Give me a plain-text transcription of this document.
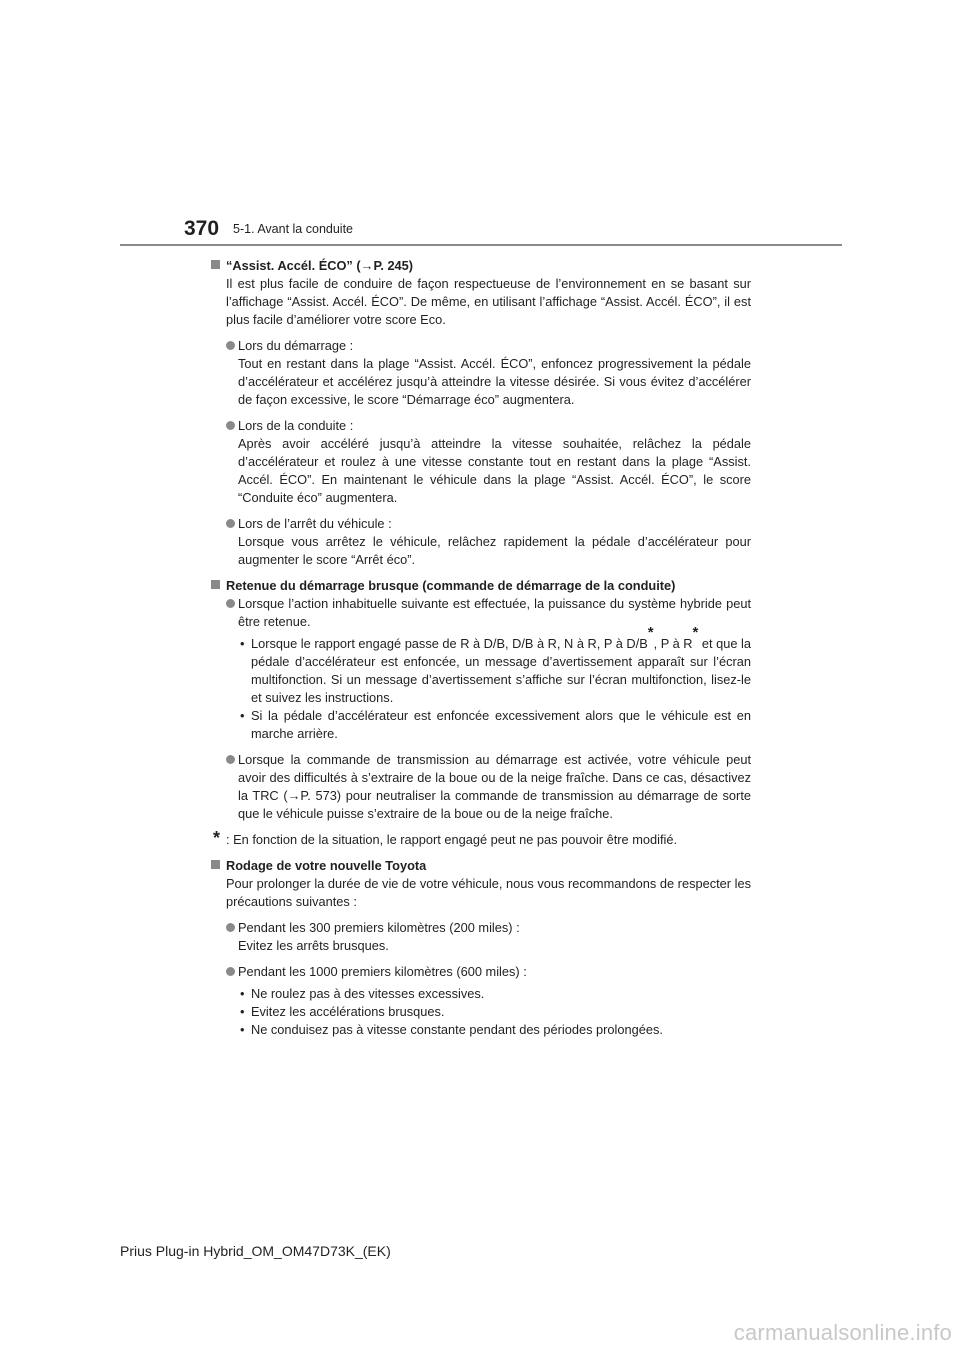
370 5-1. Avant la conduite
“Assist. Accél. ÉCO” (→P. 245)
Il est plus facile de conduire de façon respectueuse de l’environnement en se basant sur l’affichage “Assist. Accél. ÉCO”. De même, en utilisant l’affichage “Assist. Accél. ÉCO”, il est plus facile d’améliorer votre score Eco.
Lors du démarrage :
Tout en restant dans la plage “Assist. Accél. ÉCO”, enfoncez progressivement la pédale d’accélérateur et accélérez jusqu’à atteindre la vitesse désirée. Si vous évitez d’accélérer de façon excessive, le score “Démarrage éco” augmentera.
Lors de la conduite :
Après avoir accéléré jusqu’à atteindre la vitesse souhaitée, relâchez la pédale d’accélérateur et roulez à une vitesse constante tout en restant dans la plage “Assist. Accél. ÉCO”. En maintenant le véhicule dans la plage “Assist. Accél. ÉCO”, le score “Conduite éco” augmentera.
Lors de l’arrêt du véhicule :
Lorsque vous arrêtez le véhicule, relâchez rapidement la pédale d’accélérateur pour augmenter le score “Arrêt éco”.
Retenue du démarrage brusque (commande de démarrage de la conduite)
Lorsque l’action inhabituelle suivante est effectuée, la puissance du système hybride peut être retenue.
• Lorsque le rapport engagé passe de R à D/B, D/B à R, N à R, P à D/B*, P à R* et que la pédale d’accélérateur est enfoncée, un message d’avertissement apparaît sur l’écran multifonction. Si un message d’avertissement s’affiche sur l’écran multifonction, lisez-le et suivez les instructions.
• Si la pédale d’accélérateur est enfoncée excessivement alors que le véhicule est en marche arrière.
Lorsque la commande de transmission au démarrage est activée, votre véhicule peut avoir des difficultés à s’extraire de la boue ou de la neige fraîche. Dans ce cas, désactivez la TRC (→P. 573) pour neutraliser la commande de transmission au démarrage de sorte que le véhicule puisse s’extraire de la boue ou de la neige fraîche.
* : En fonction de la situation, le rapport engagé peut ne pas pouvoir être modifié.
Rodage de votre nouvelle Toyota
Pour prolonger la durée de vie de votre véhicule, nous vous recommandons de respecter les précautions suivantes :
Pendant les 300 premiers kilomètres (200 miles) :
Evitez les arrêts brusques.
Pendant les 1000 premiers kilomètres (600 miles) :
• Ne roulez pas à des vitesses excessives.
• Evitez les accélérations brusques.
• Ne conduisez pas à vitesse constante pendant des périodes prolongées.
Prius Plug-in Hybrid_OM_OM47D73K_(EK)
carmanualsonline.info
